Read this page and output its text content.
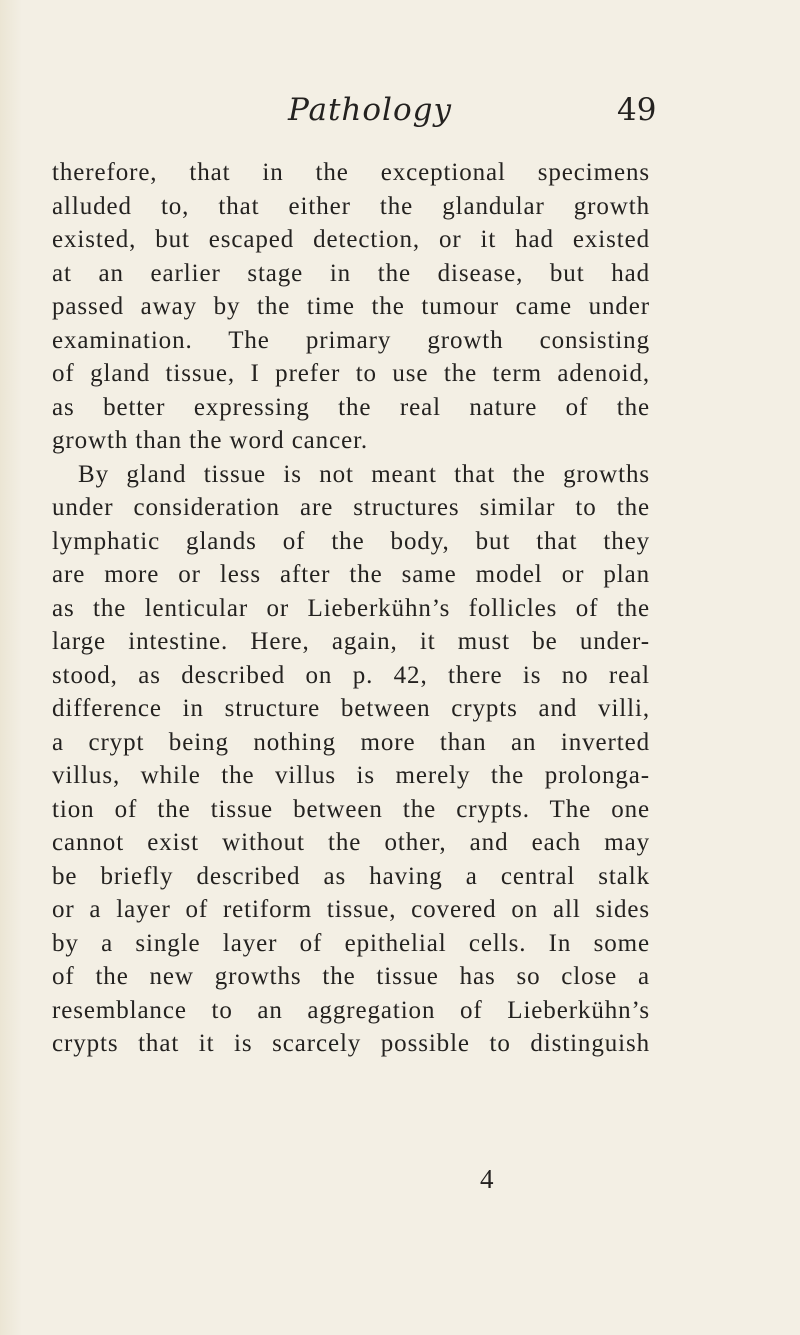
Pathology	49
therefore, that in the exceptional specimens
alluded to, that either the glandular growth
existed, but escaped detection, or it had existed
at an earlier stage in the disease, but had
passed away by the time the tumour came under
examination. The primary growth consisting
of gland tissue, I prefer to use the term adenoid,
as better expressing the real nature of the
growth than the word cancer.
By gland tissue is not meant that the growths
under consideration are structures similar to the
lymphatic glands of the body, but that they
are more or less after the same model or plan
as the lenticular or Lieberkühn’s follicles of the
large intestine. Here, again, it must be under-
stood, as described on p. 42, there is no real
difference in structure between crypts and villi,
a crypt being nothing more than an inverted
villus, while the villus is merely the prolonga-
tion of the tissue between the crypts. The one
cannot exist without the other, and each may
be briefly described as having a central stalk
or a layer of retiform tissue, covered on all sides
by a single layer of epithelial cells. In some
of the new growths the tissue has so close a
resemblance to an aggregation of Lieberkühn’s
crypts that it is scarcely possible to distinguish
4
